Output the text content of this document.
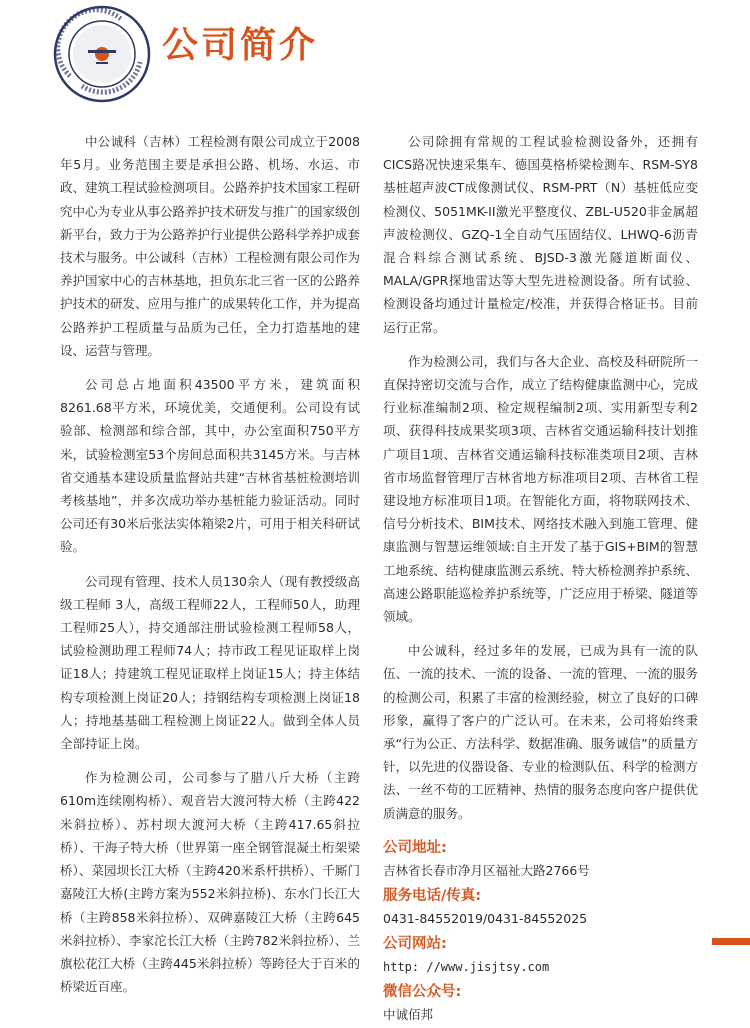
公司简介

中公诚科（吉林）工程检测有限公司成立于2008年5月。业务范围主要是承担公路、机场、水运、市政、建筑工程试验检测项目。公路养护技术国家工程研究中心为专业从事公路养护技术研发与推广的国家级创新平台，致力于为公路养护行业提供公路科学养护成套技术与服务。中公诚科（吉林）工程检测有限公司作为养护国家中心的吉林基地，担负东北三省一区的公路养护技术的研发、应用与推广的成果转化工作，并为提高公路养护工程质量与品质为己任，全力打造基地的建设、运营与管理。

公司总占地面积43500平方米，建筑面积8261.68平方米，环境优美，交通便利。公司设有试验部、检测部和综合部，其中，办公室面积750平方米，试验检测室53个房间总面积共3145方米。与吉林省交通基本建设质量监督站共建“吉林省基桩检测培训考核基地”，并多次成功举办基桩能力验证活动。同时公司还有30米后张法实体箱梁2片，可用于相关科研试验。

公司现有管理、技术人员130余人（现有教授级高级工程师 3人，高级工程师22人，工程师50人，助理工程师25人），持交通部注册试验检测工程师58人，试验检测助理工程师74人；持市政工程见证取样上岗证18人；持建筑工程见证取样上岗证15人；持主体结构专项检测上岗证20人；持钢结构专项检测上岗证18人；持地基基础工程检测上岗证22人。做到全体人员全部持证上岗。

作为检测公司，公司参与了腊八斤大桥（主跨610m连续刚构桥）、观音岩大渡河特大桥（主跨422米斜拉桥）、苏村坝大渡河大桥（主跨417.65斜拉桥）、干海子特大桥（世界第一座全钢管混凝土桁架梁桥）、菜园坝长江大桥（主跨420米系杆拱桥）、千厮门嘉陵江大桥(主跨方案为552米斜拉桥)、东水门长江大桥（主跨858米斜拉桥）、双碑嘉陵江大桥（主跨645米斜拉桥）、李家沱长江大桥（主跨782米斜拉桥）、兰旗松花江大桥（主跨445米斜拉桥）等跨径大于百米的桥梁近百座。

公司除拥有常规的工程试验检测设备外，还拥有CICS路况快速采集车、德国莫格桥梁检测车、RSM-SY8基桩超声波CT成像测试仪、RSM-PRT（N）基桩低应变检测仪、5051MK-II激光平整度仪、ZBL-U520非金属超声波检测仪、GZQ-1全自动气压固结仪、LHWQ-6沥青混合料综合测试系统、BJSD-3激光隧道断面仪、MALA/GPR探地雷达等大型先进检测设备。所有试验、检测设备均通过计量检定/校准，并获得合格证书。目前运行正常。

作为检测公司，我们与各大企业、高校及科研院所一直保持密切交流与合作，成立了结构健康监测中心，完成行业标准编制2项、检定规程编制2项、实用新型专利2项、获得科技成果奖项3项、吉林省交通运输科技计划推广项目1项、吉林省交通运输科技标准类项目2项、吉林省市场监督管理厅吉林省地方标准项目2项、吉林省工程建设地方标准项目1项。在智能化方面，将物联网技术、信号分析技术、BIM技术、网络技术融入到施工管理、健康监测与智慧运维领域:自主开发了基于GIS+BIM的智慧工地系统、结构健康监测云系统、特大桥检测养护系统、高速公路职能巡检养护系统等，广泛应用于桥梁、隧道等领域。

中公诚科，经过多年的发展，已成为具有一流的队伍、一流的技术、一流的设备、一流的管理、一流的服务的检测公司，积累了丰富的检测经验，树立了良好的口碑形象，赢得了客户的广泛认可。在未来，公司将始终秉承“行为公正、方法科学、数据准确、服务诚信”的质量方针，以先进的仪器设备、专业的检测队伍、科学的检测方法、一丝不苟的工匠精神、热情的服务态度向客户提供优质满意的服务。

公司地址:
吉林省长春市净月区福祉大路2766号
服务电话/传真:
0431-84552019/0431-84552025
公司网站:
http: //www.jisjtsy.com
微信公众号:
中诚佰邦
